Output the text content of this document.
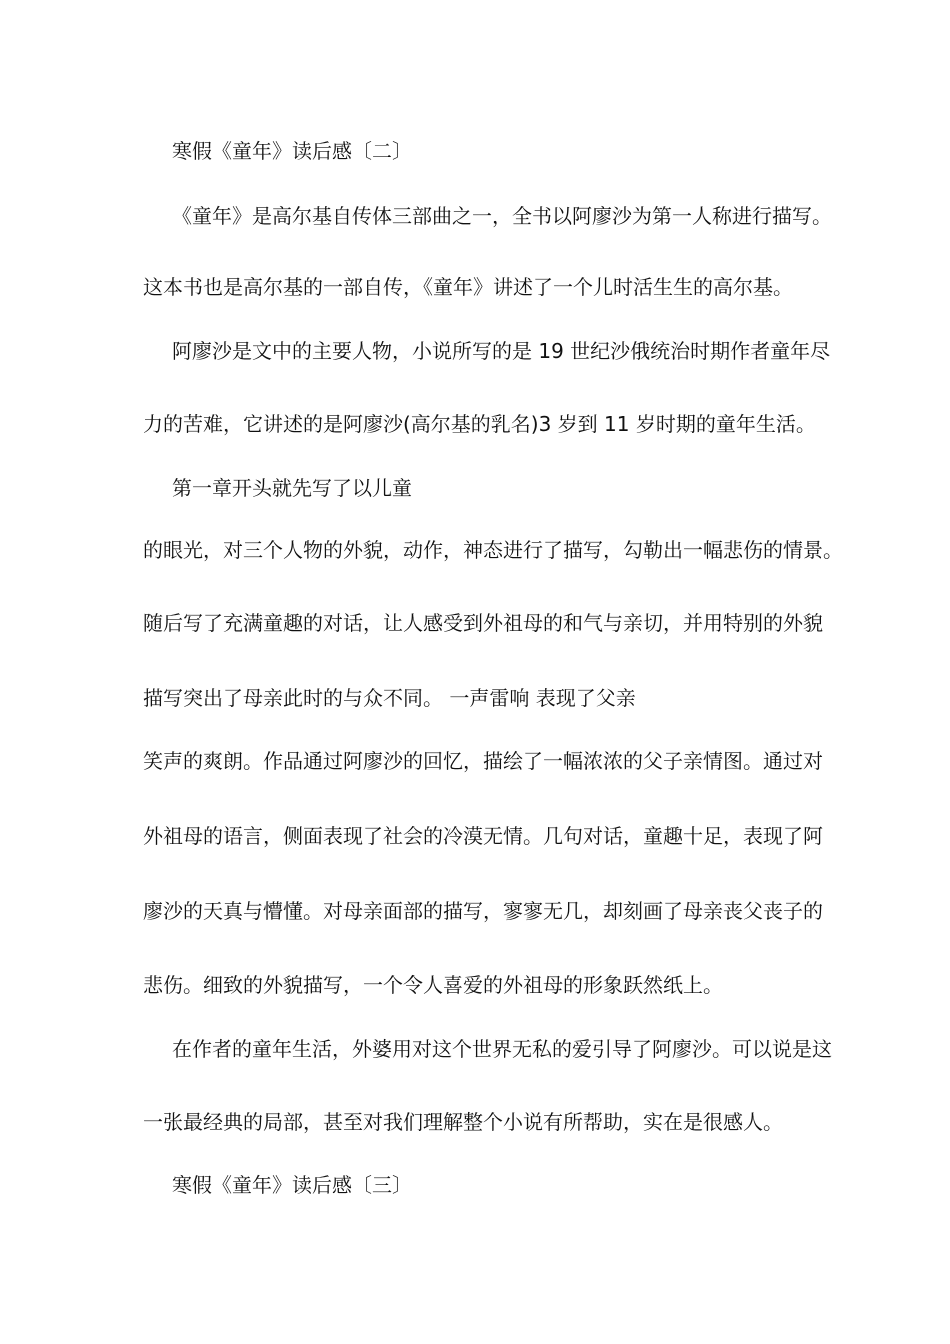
寒假《童年》读后感〔二〕
《童年》是高尔基自传体三部曲之一，全书以阿廖沙为第一人称进行描写。
这本书也是高尔基的一部自传，《童年》讲述了一个儿时活生生的高尔基。
阿廖沙是文中的主要人物，小说所写的是 19 世纪沙俄统治时期作者童年尽
力的苦难，它讲述的是阿廖沙(高尔基的乳名)3 岁到 11 岁时期的童年生活。
第一章开头就先写了以儿童
的眼光，对三个人物的外貌，动作，神态进行了描写，勾勒出一幅悲伤的情景。
随后写了充满童趣的对话，让人感受到外祖母的和气与亲切，并用特别的外貌
描写突出了母亲此时的与众不同。 一声雷响 表现了父亲
笑声的爽朗。作品通过阿廖沙的回忆，描绘了一幅浓浓的父子亲情图。通过对
外祖母的语言，侧面表现了社会的冷漠无情。几句对话，童趣十足，表现了阿
廖沙的天真与懵懂。对母亲面部的描写，寥寥无几，却刻画了母亲丧父丧子的
悲伤。细致的外貌描写，一个令人喜爱的外祖母的形象跃然纸上。
在作者的童年生活，外婆用对这个世界无私的爱引导了阿廖沙。可以说是这
一张最经典的局部，甚至对我们理解整个小说有所帮助，实在是很感人。
寒假《童年》读后感〔三〕
